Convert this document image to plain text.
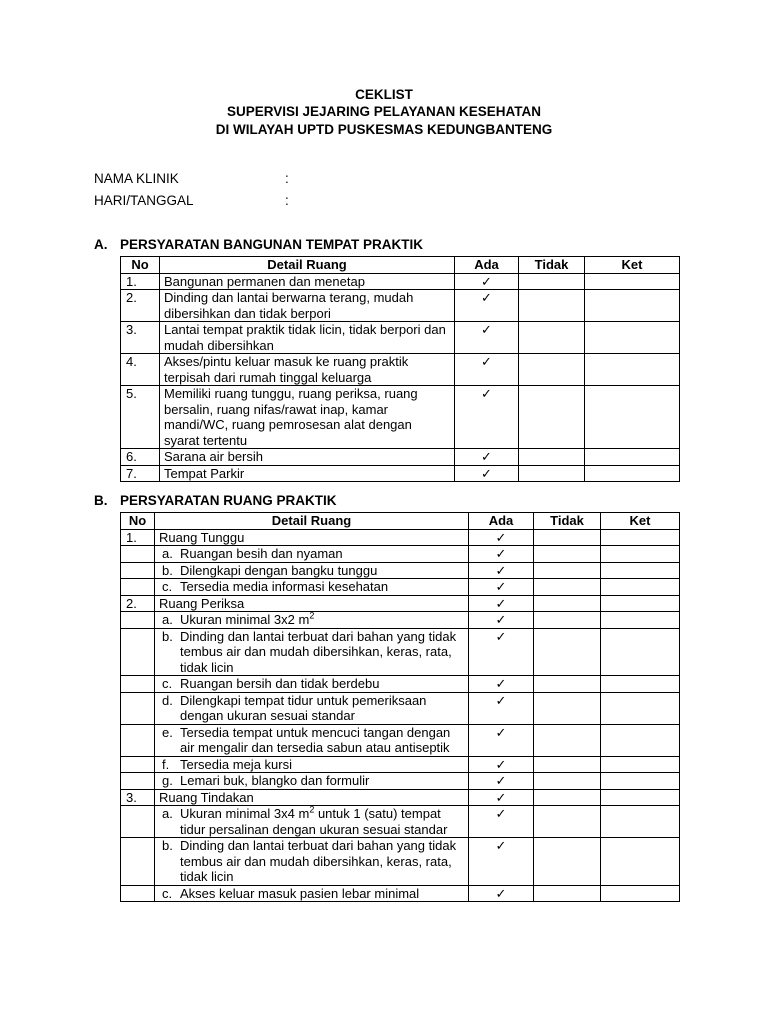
CEKLIST
SUPERVISI JEJARING PELAYANAN KESEHATAN
DI WILAYAH UPTD PUSKESMAS KEDUNGBANTENG
NAMA KLINIK	:
HARI/TANGGAL	:
A. PERSYARATAN BANGUNAN TEMPAT PRAKTIK
No	Detail Ruang	Ada	Tidak	Ket
1.	Bangunan permanen dan menetap	✓		
2.	Dinding dan lantai berwarna terang, mudah dibersihkan dan tidak berpori	✓		
3.	Lantai tempat praktik tidak licin, tidak berpori dan mudah dibersihkan	✓		
4.	Akses/pintu keluar masuk ke ruang praktik terpisah dari rumah tinggal keluarga	✓		
5.	Memiliki ruang tunggu, ruang periksa, ruang bersalin, ruang nifas/rawat inap, kamar mandi/WC, ruang pemrosesan alat dengan syarat tertentu	✓		
6.	Sarana air bersih	✓		
7.	Tempat Parkir	✓		
B. PERSYARATAN RUANG PRAKTIK
No	Detail Ruang	Ada	Tidak	Ket
1.	Ruang Tunggu	✓		

	a. Ruangan besih dan nyaman	✓		

	b. Dilengkapi dengan bangku tunggu	✓		

	c. Tersedia media informasi kesehatan	✓		
2.	Ruang Periksa	✓		

	a. Ukuran minimal 3x2 $m^2$	✓		

	b. Dinding dan lantai terbuat dari bahan yang tidak tembus air dan mudah dibersihkan, keras, rata, tidak licin	✓		

	c. Ruangan bersih dan tidak berdebu	✓		

	d. Dilengkapi tempat tidur untuk pemeriksaan dengan ukuran sesuai standar	✓		

	e. Tersedia tempat untuk mencuci tangan dengan air mengalir dan tersedia sabun atau antiseptik	✓		

	f. Tersedia meja kursi	✓		

	g. Lemari buk, blangko dan formulir	✓		
3.	Ruang Tindakan	✓		

	a. Ukuran minimal 3x4 $m^2$ untuk 1 (satu) tempat tidur persalinan dengan ukuran sesuai standar	✓		

	b. Dinding dan lantai terbuat dari bahan yang tidak tembus air dan mudah dibersihkan, keras, rata, tidak licin	✓		

	c. Akses keluar masuk pasien lebar minimal	✓		
